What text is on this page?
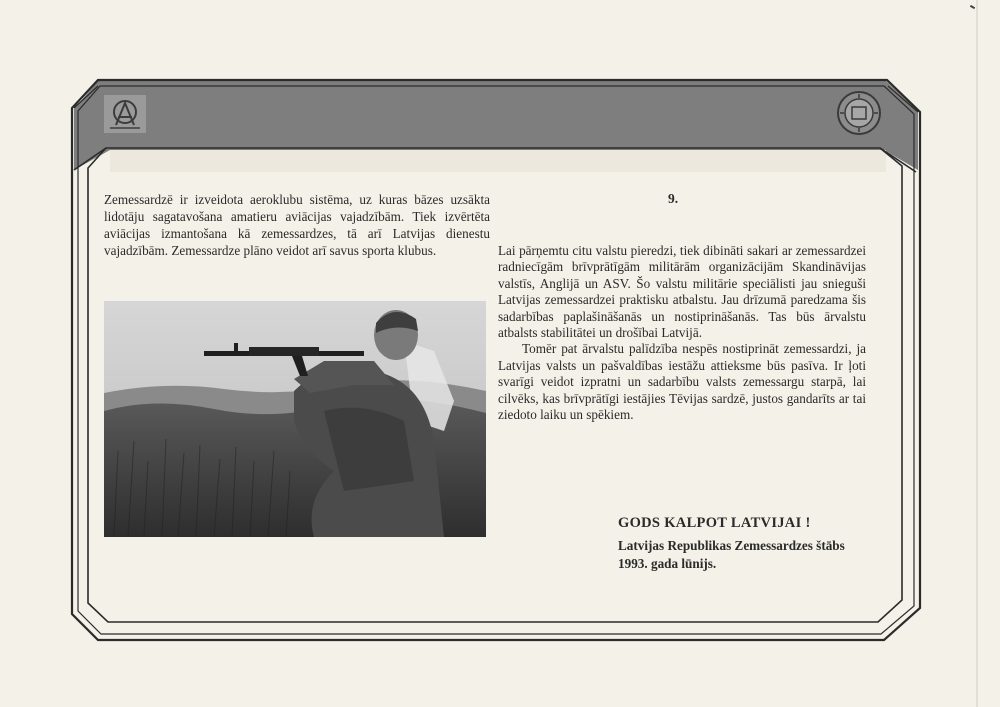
Zemessardzē ir izveidota aeroklubu sistēma, uz kuras bāzes uzsākta lidotāju sagatavošana amatieru aviācijas vajadzībām. Tiek izvērtēta aviācijas izmantošana kā zemessardzes, tā arī Latvijas dienestu vajadzībām. Zemessardze plāno veidot arī savus sporta klubus.

9.

Lai pārņemtu citu valstu pieredzi, tiek dibināti sakari ar zemessardzei radniecīgām brīvprātīgām militārām organizācijām Skandināvijas valstīs, Anglijā un ASV. Šo valstu militārie speciālisti jau snieguši Latvijas zemessardzei praktisku atbalstu. Jau drīzumā paredzama šis sadarbības paplašināšanās un nostiprināšanās. Tas būs ārvalstu atbalsts stabilitātei un drošībai Latvijā.

Tomēr pat ārvalstu palīdzība nespēs nostiprināt zemessardzi, ja Latvijas valsts un pašvaldības iestāžu attieksme būs pasīva. Ir ļoti svarīgi veidot izpratni un sadarbību valsts zemessargu starpā, lai cilvēks, kas brīvprātīgi iestājies Tēvijas sardzē, justos gandarīts ar tai ziedoto laiku un spēkiem.

GODS KALPOT LATVIJAI !
Latvijas Republikas Zemessardzes štābs
1993. gada lūnijs.
